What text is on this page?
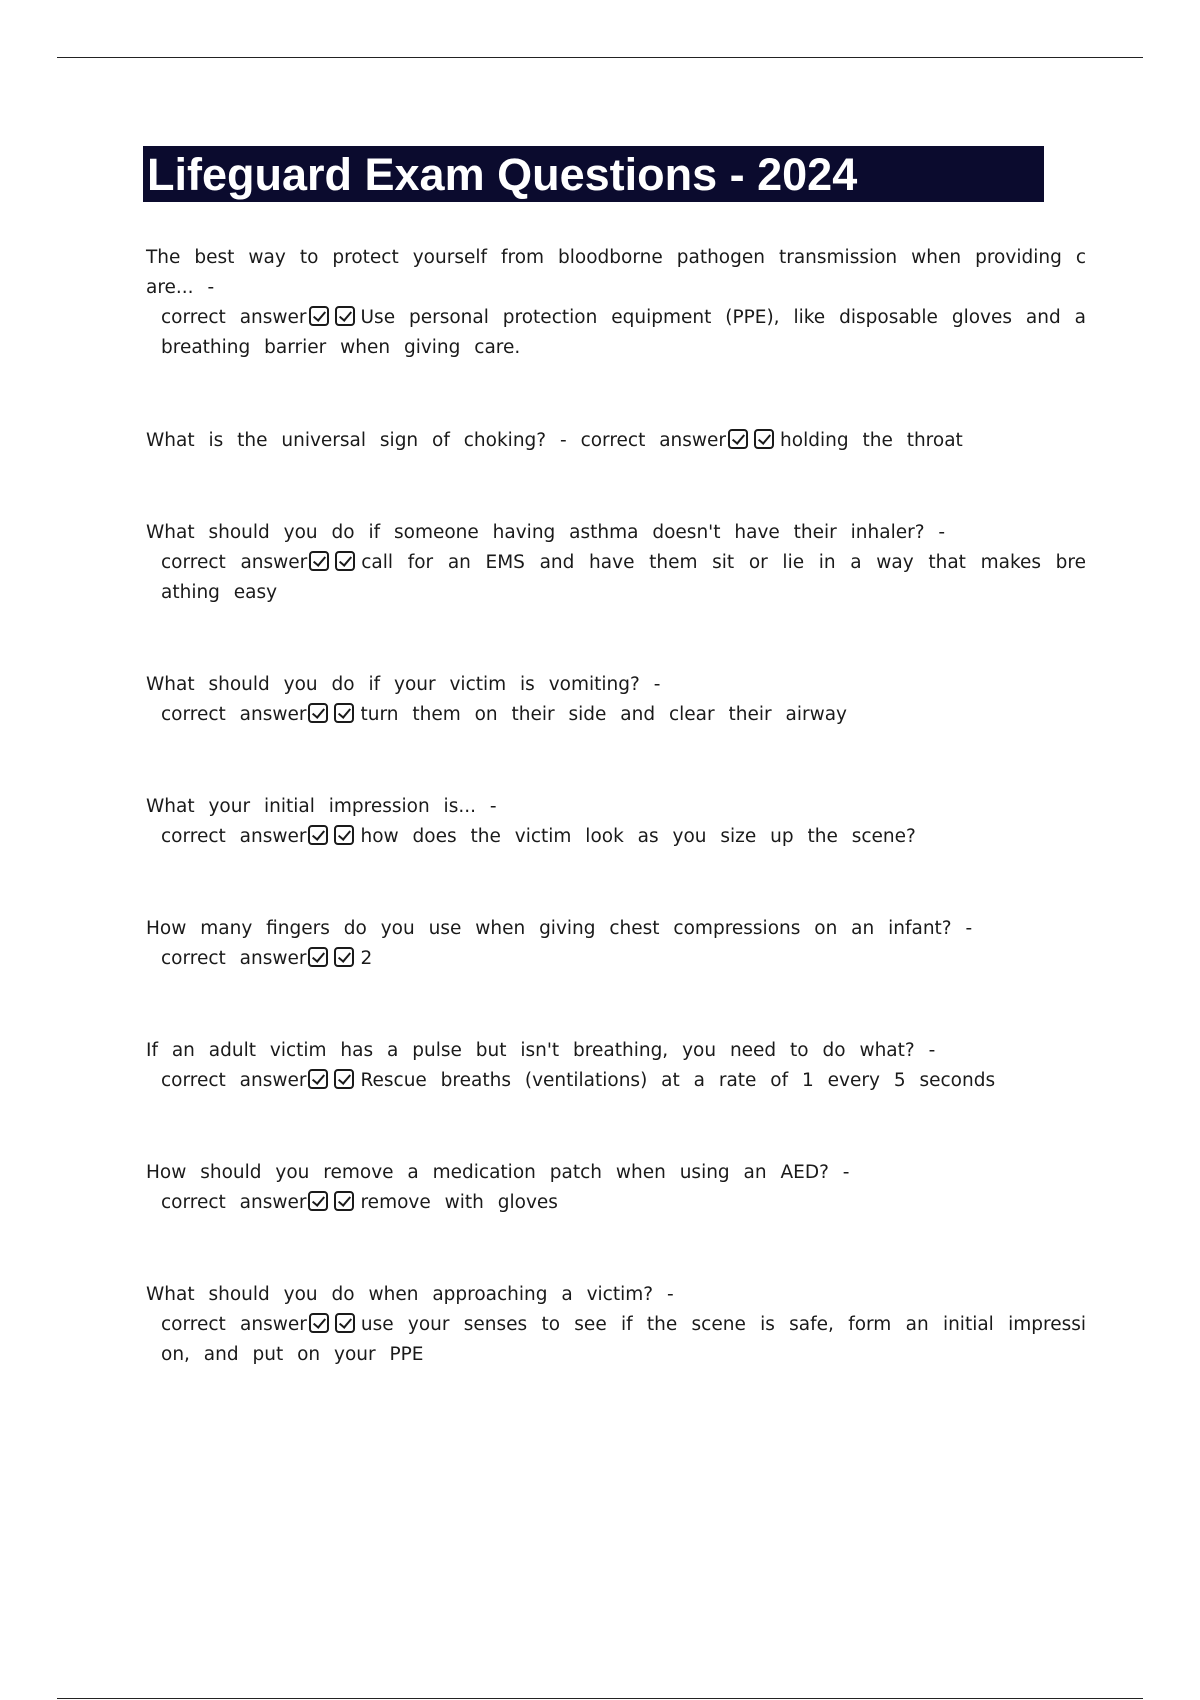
Lifeguard Exam Questions - 2024
The best way to protect yourself from bloodborne pathogen transmission when providing c are... -
correct answer	Use personal protection equipment (PPE), like disposable gloves and a breathing barrier when giving care.
What is the universal sign of choking? - correct answer	holding the throat
What should you do if someone having asthma doesn't have their inhaler? -
correct answer	call for an EMS and have them sit or lie in a way that makes bre athing easy
What should you do if your victim is vomiting? -
correct answer	turn them on their side and clear their airway
What your initial impression is... -
correct answer	how does the victim look as you size up the scene?
How many fingers do you use when giving chest compressions on an infant? -
correct answer	2
If an adult victim has a pulse but isn't breathing, you need to do what? -
correct answer	Rescue breaths (ventilations) at a rate of 1 every 5 seconds
How should you remove a medication patch when using an AED? -
correct answer	remove with gloves
What should you do when approaching a victim? -
correct answer	use your senses to see if the scene is safe, form an initial impressi on, and put on your PPE
